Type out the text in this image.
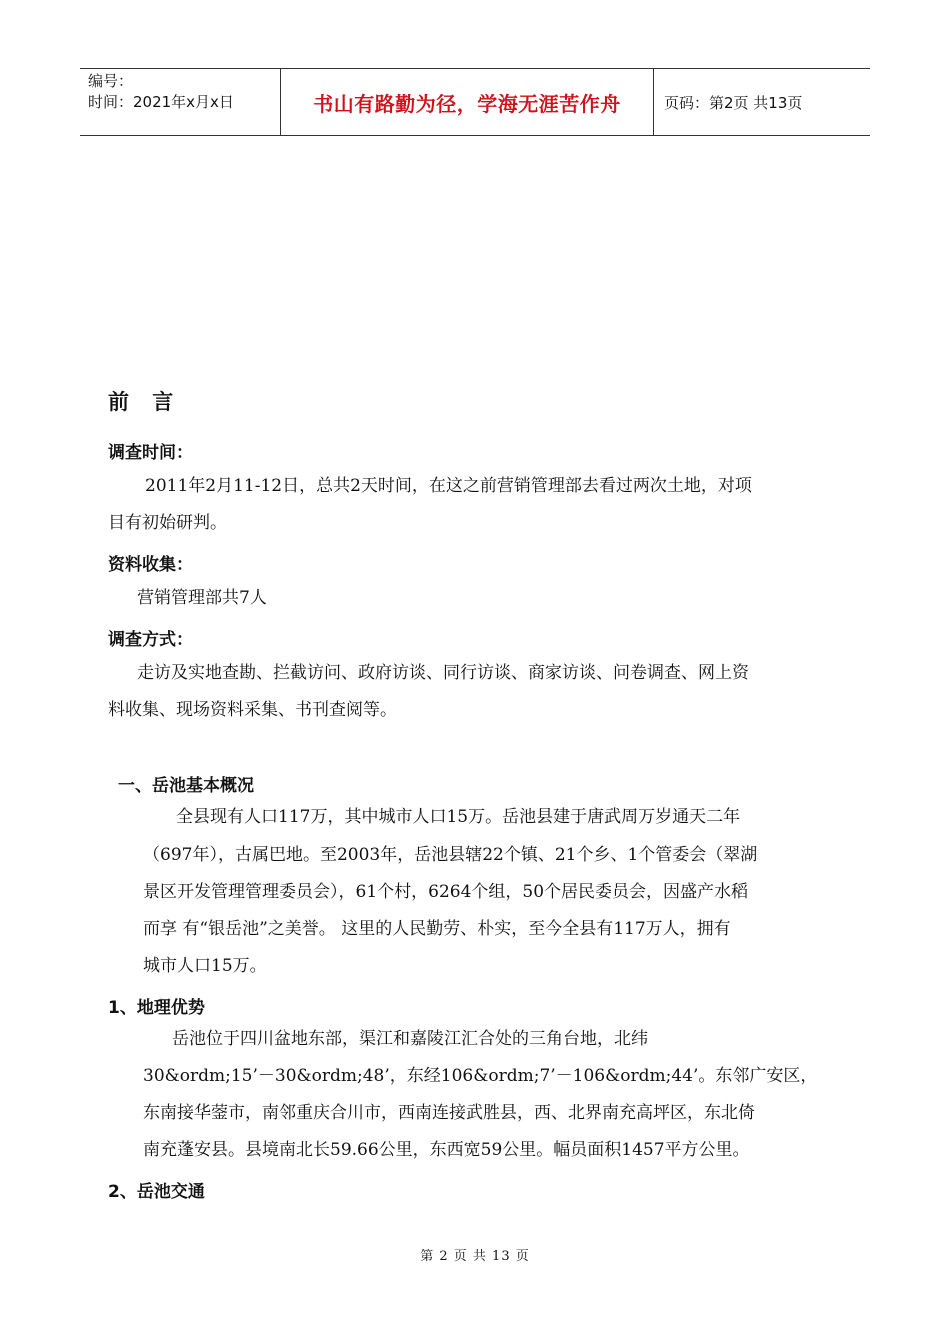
编号：
时间：2021年x月x日	书山有路勤为径，学海无涯苦作舟	页码：第2页 共13页
前 言
调查时间：
2011年2月11-12日，总共2天时间，在这之前营销管理部去看过两次土地，对项
目有初始研判。
资料收集：
营销管理部共7人
调查方式：
走访及实地查勘、拦截访问、政府访谈、同行访谈、商家访谈、问卷调查、网上资
料收集、现场资料采集、书刊查阅等。
一、岳池基本概况
全县现有人口117万，其中城市人口15万。岳池县建于唐武周万岁通天二年
（697年），古属巴地。至2003年，岳池县辖22个镇、21个乡、1个管委会（翠湖
景区开发管理管理委员会），61个村，6264个组，50个居民委员会，因盛产水稻
而享 有“银岳池”之美誉。 这里的人民勤劳、朴实，至今全县有117万人，拥有
城市人口15万。
1、地理优势
岳池位于四川盆地东部，渠江和嘉陵江汇合处的三角台地，北纬
30&ordm;15’－30&ordm;48’，东经106&ordm;7’－106&ordm;44’。东邻广安区，
东南接华蓥市，南邻重庆合川市，西南连接武胜县，西、北界南充高坪区，东北倚
南充蓬安县。县境南北长59.66公里，东西宽59公里。幅员面积1457平方公里。
2、岳池交通
第 2 页 共 13 页
